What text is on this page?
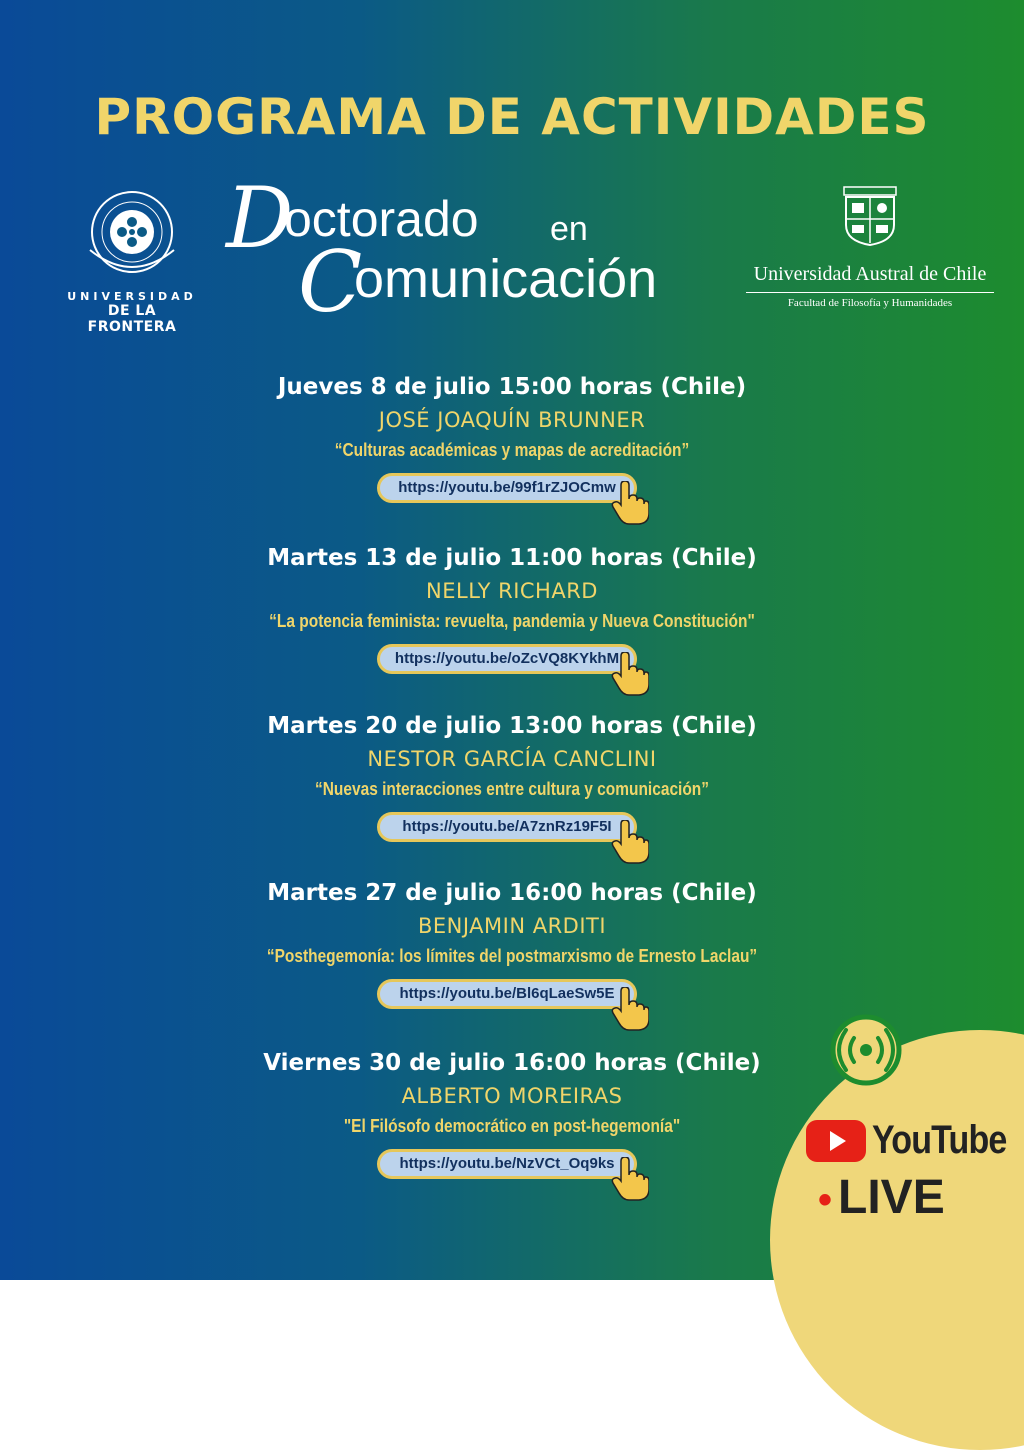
PROGRAMA DE ACTIVIDADES
UNIVERSIDAD
DE LA FRONTERA
D
octorado en
C
omunicación	Universidad Austral de Chile
Facultad de Filosofía y Humanidades
Jueves 8 de julio 15:00 horas (Chile)
JOSÉ JOAQUÍN BRUNNER
“Culturas académicas y mapas de acreditación”
https://youtu.be/99f1rZJOCmw
Martes 13 de julio 11:00 horas (Chile)
NELLY RICHARD
“La potencia feminista: revuelta, pandemia y Nueva Constitución"
https://youtu.be/oZcVQ8KYkhM
Martes 20 de julio 13:00 horas (Chile)
NESTOR GARCÍA CANCLINI
“Nuevas interacciones entre cultura y comunicación”
https://youtu.be/A7znRz19F5I
Martes 27 de julio 16:00 horas (Chile)
BENJAMIN ARDITI
“Posthegemonía: los límites del postmarxismo de Ernesto Laclau”
https://youtu.be/Bl6qLaeSw5E
Viernes 30 de julio 16:00 horas (Chile)
ALBERTO MOREIRAS
"El Filósofo democrático en post-hegemonía"
https://youtu.be/NzVCt_Oq9ks
YouTube
• LIVE
